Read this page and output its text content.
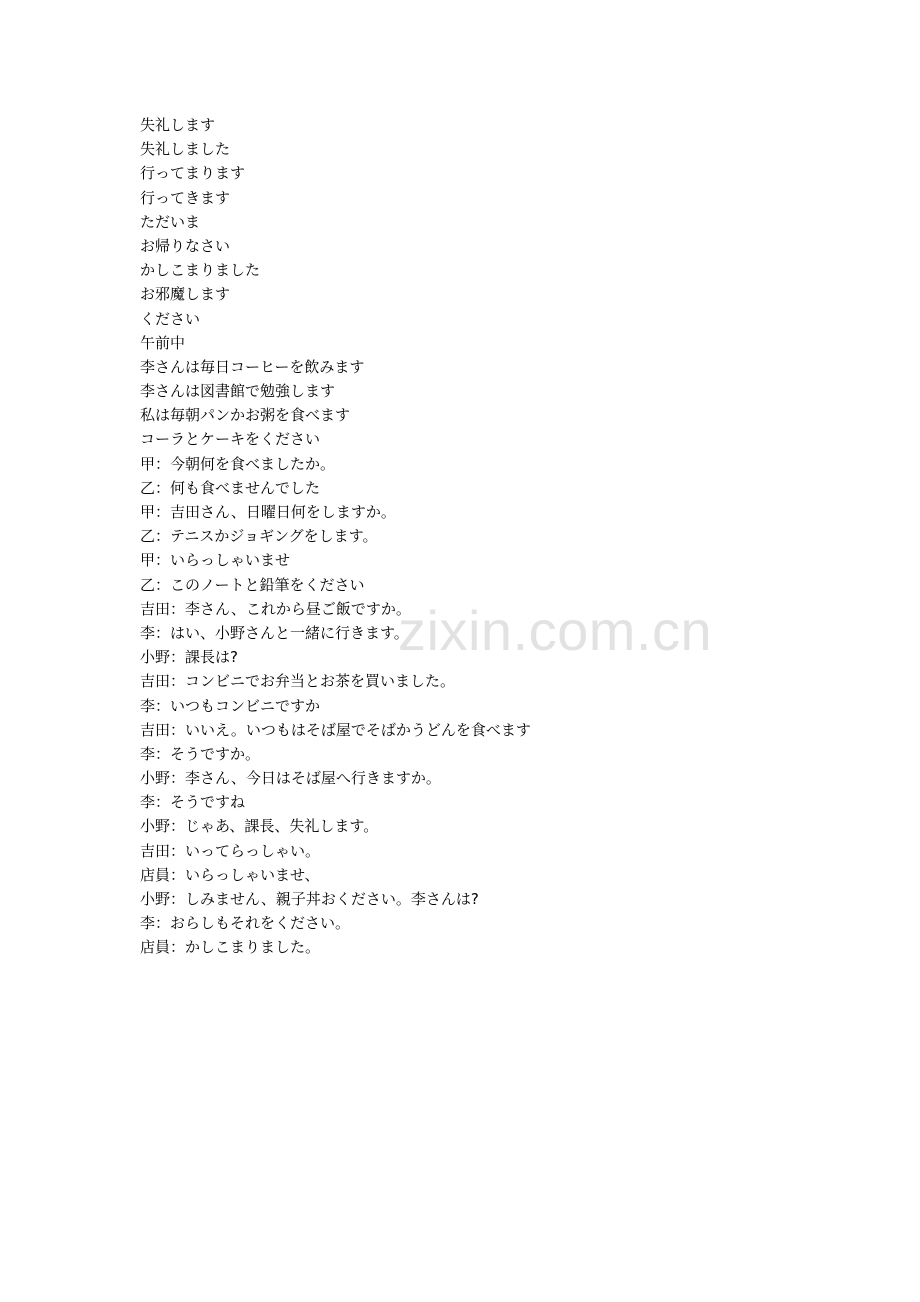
失礼します
失礼しました
行ってまります
行ってきます
ただいま
お帰りなさい
かしこまりました
お邪魔します
ください
午前中
李さんは毎日コーヒーを飲みます
李さんは図書館で勉強します
私は毎朝パンかお粥を食べます
コーラとケーキをください
甲：今朝何を食べましたか。
乙：何も食べませんでした
甲：吉田さん、日曜日何をしますか。
乙：テニスかジョギングをします。
甲：いらっしゃいませ
乙：このノートと鉛筆をください
吉田：李さん、これから昼ご飯ですか。
李：はい、小野さんと一緒に行きます。
小野：課長は?
吉田：コンビニでお弁当とお茶を買いました。
李：いつもコンビニですか
吉田：いいえ。いつもはそば屋でそばかうどんを食べます
李：そうですか。
小野：李さん、今日はそば屋へ行きますか。
李：そうですね
小野：じゃあ、課長、失礼します。
吉田：いってらっしゃい。
店員：いらっしゃいませ、
小野：しみません、親子丼おください。李さんは?
李：おらしもそれをください。
店員：かしこまりました。
zixin.com.cn
